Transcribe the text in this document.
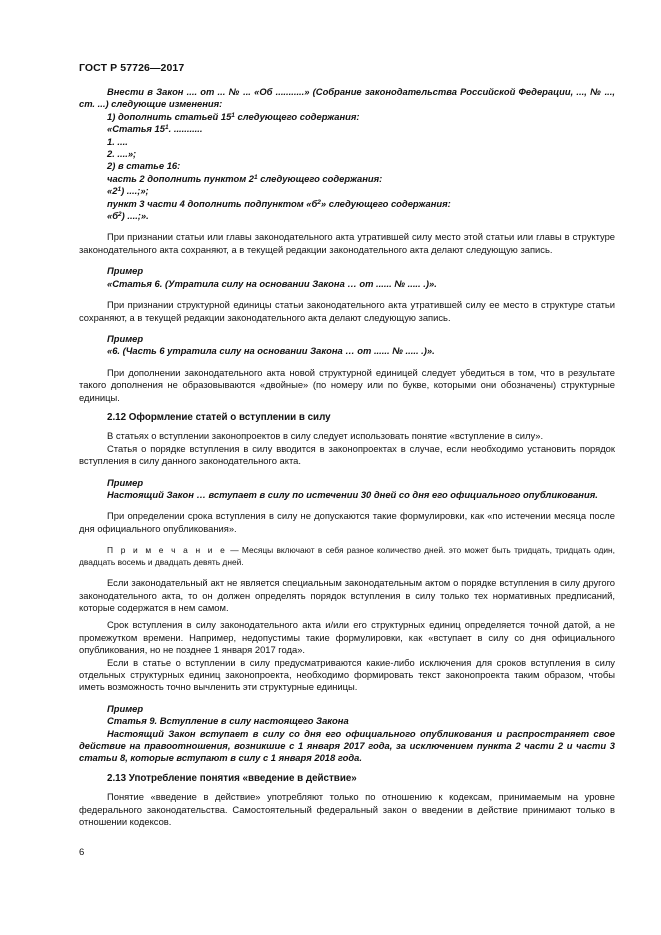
ГОСТ Р 57726—2017

Внести в Закон .... от ... № ... «Об ...........» (Собрание законодательства Российской Федерации, ..., № ..., ст. ...) следующие изменения:

1) дополнить статьей $15^1$ следующего содержания:

«Статья $15^1$. ...........

1. ....

2. ....»;

2) в статье 16:

часть 2 дополнить пунктом $2^1$ следующего содержания:

«$2^1$) ....;»;

пункт 3 части 4 дополнить подпунктом «$б^2$» следующего содержания:

«$б^2$) ....;».

При признании статьи или главы законодательного акта утратившей силу место этой статьи или главы в структуре законодательного акта сохраняют, а в текущей редакции законодательного акта делают следующую запись.

Пример

«Статья 6. (Утратила силу на основании Закона … от ...... № ..... .)».

При признании структурной единицы статьи законодательного акта утратившей силу ее место в структуре статьи сохраняют, а в текущей редакции законодательного акта делают следующую запись.

Пример

«6. (Часть 6 утратила силу на основании Закона … от ...... № ..... .)».

При дополнении законодательного акта новой структурной единицей следует убедиться в том, что в результате такого дополнения не образовываются «двойные» (по номеру или по букве, которыми они обозначены) структурные единицы.

2.12 Оформление статей о вступлении в силу

В статьях о вступлении законопроектов в силу следует использовать понятие «вступление в силу».

Статья о порядке вступления в силу вводится в законопроектах в случае, если необходимо установить порядок вступления в силу данного законодательного акта.

Пример

Настоящий Закон … вступает в силу по истечении 30 дней со дня его официального опубликования.

При определении срока вступления в силу не допускаются такие формулировки, как «по истечении месяца после дня официального опубликования».

П р и м е ч а н и е — Месяцы включают в себя разное количество дней. это может быть тридцать, тридцать один, двадцать восемь и двадцать девять дней.

Если законодательный акт не является специальным законодательным актом о порядке вступления в силу другого законодательного акта, то он должен определять порядок вступления в силу только тех нормативных предписаний, которые содержатся в нем самом.

Срок вступления в силу законодательного акта и/или его структурных единиц определяется точной датой, а не промежутком времени. Например, недопустимы такие формулировки, как «вступает в силу со дня официального опубликования, но не позднее 1 января 2017 года».

Если в статье о вступлении в силу предусматриваются какие-либо исключения для сроков вступления в силу отдельных структурных единиц законопроекта, необходимо формировать текст законопроекта таким образом, чтобы иметь возможность точно вычленить эти структурные единицы.

Пример

Статья 9. Вступление в силу настоящего Закона

Настоящий Закон вступает в силу со дня его официального опубликования и распространяет свое действие на правоотношения, возникшие с 1 января 2017 года, за исключением пункта 2 части 2 и части 3 статьи 8, которые вступают в силу с 1 января 2018 года.

2.13 Употребление понятия «введение в действие»

Понятие «введение в действие» употребляют только по отношению к кодексам, принимаемым на уровне федерального законодательства. Самостоятельный федеральный закон о введении в действие принимают только в отношении кодексов.

6
